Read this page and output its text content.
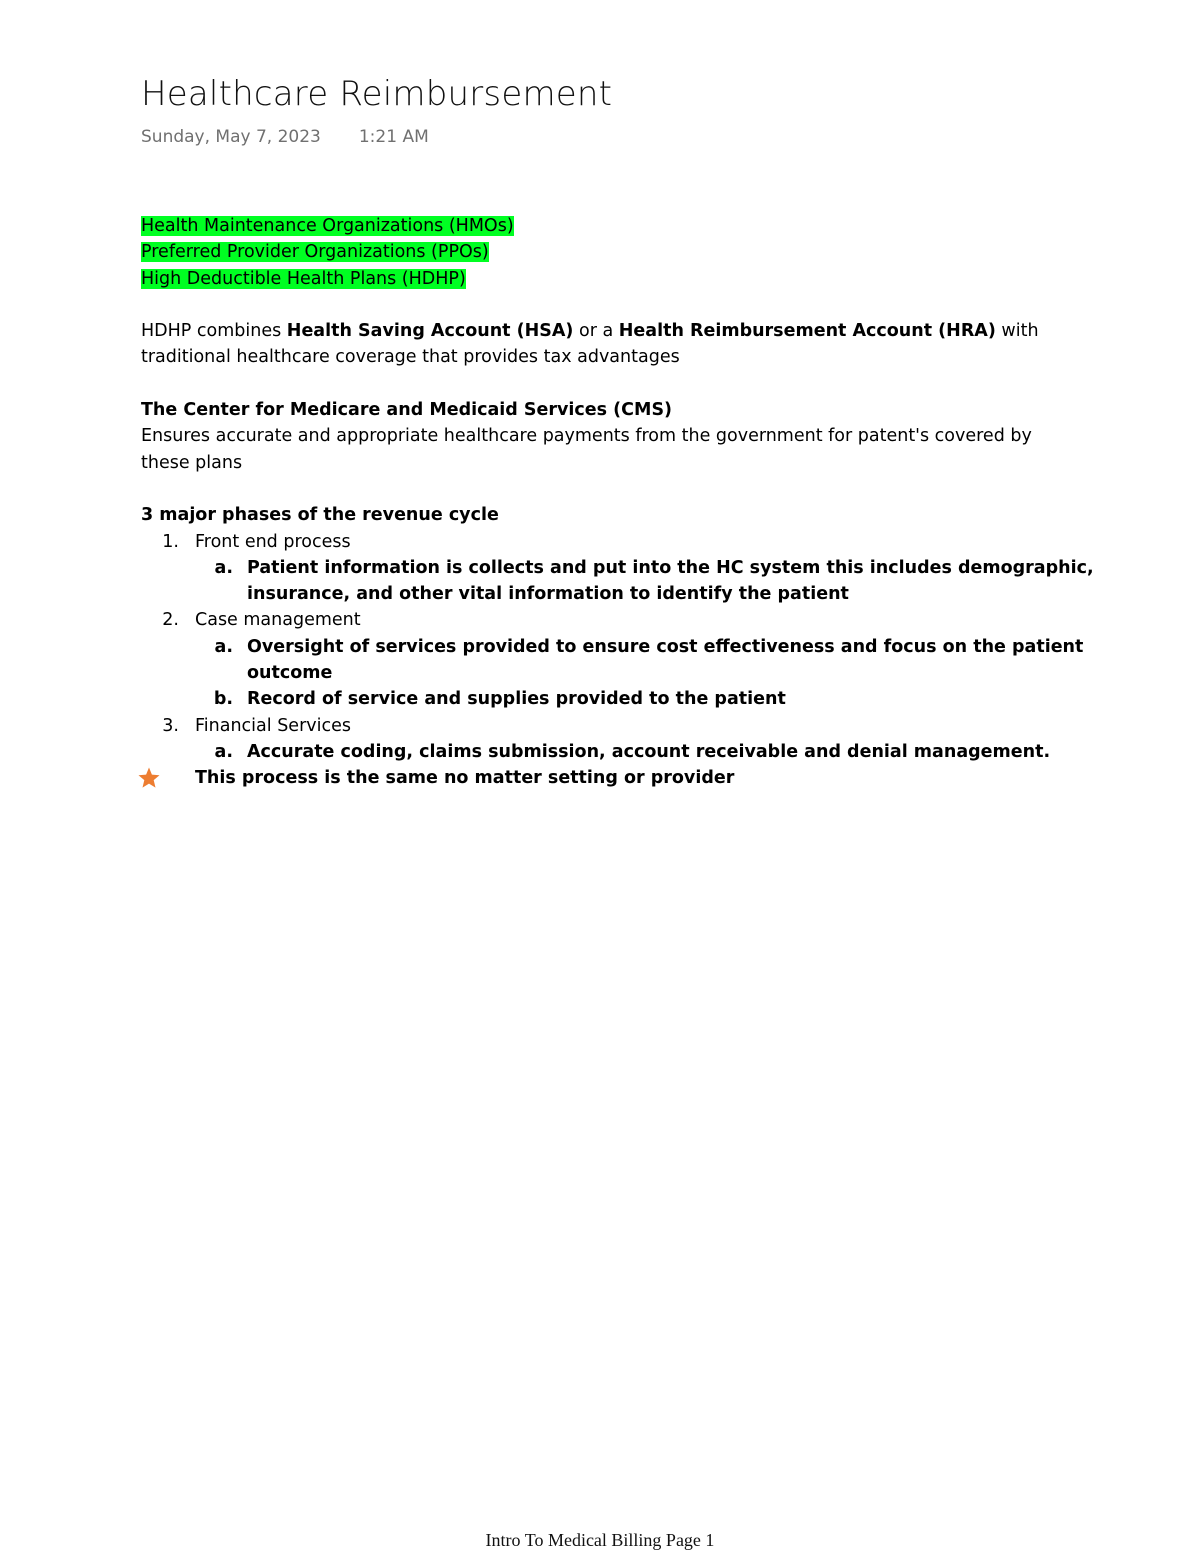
Healthcare Reimbursement
Sunday, May 7, 2023 1:21 AM
Health Maintenance Organizations (HMOs)
Preferred Provider Organizations (PPOs)
High Deductible Health Plans (HDHP)
HDHP combines Health Saving Account (HSA) or a Health Reimbursement Account (HRA) with
traditional healthcare coverage that provides tax advantages
The Center for Medicare and Medicaid Services (CMS)
Ensures accurate and appropriate healthcare payments from the government for patent's covered by
these plans
3 major phases of the revenue cycle
1. Front end process
a. Patient information is collects and put into the HC system this includes demographic,
insurance, and other vital information to identify the patient
2. Case management
a. Oversight of services provided to ensure cost effectiveness and focus on the patient
outcome
b. Record of service and supplies provided to the patient
3. Financial Services
a. Accurate coding, claims submission, account receivable and denial management.
This process is the same no matter setting or provider
Intro To Medical Billing Page 1
